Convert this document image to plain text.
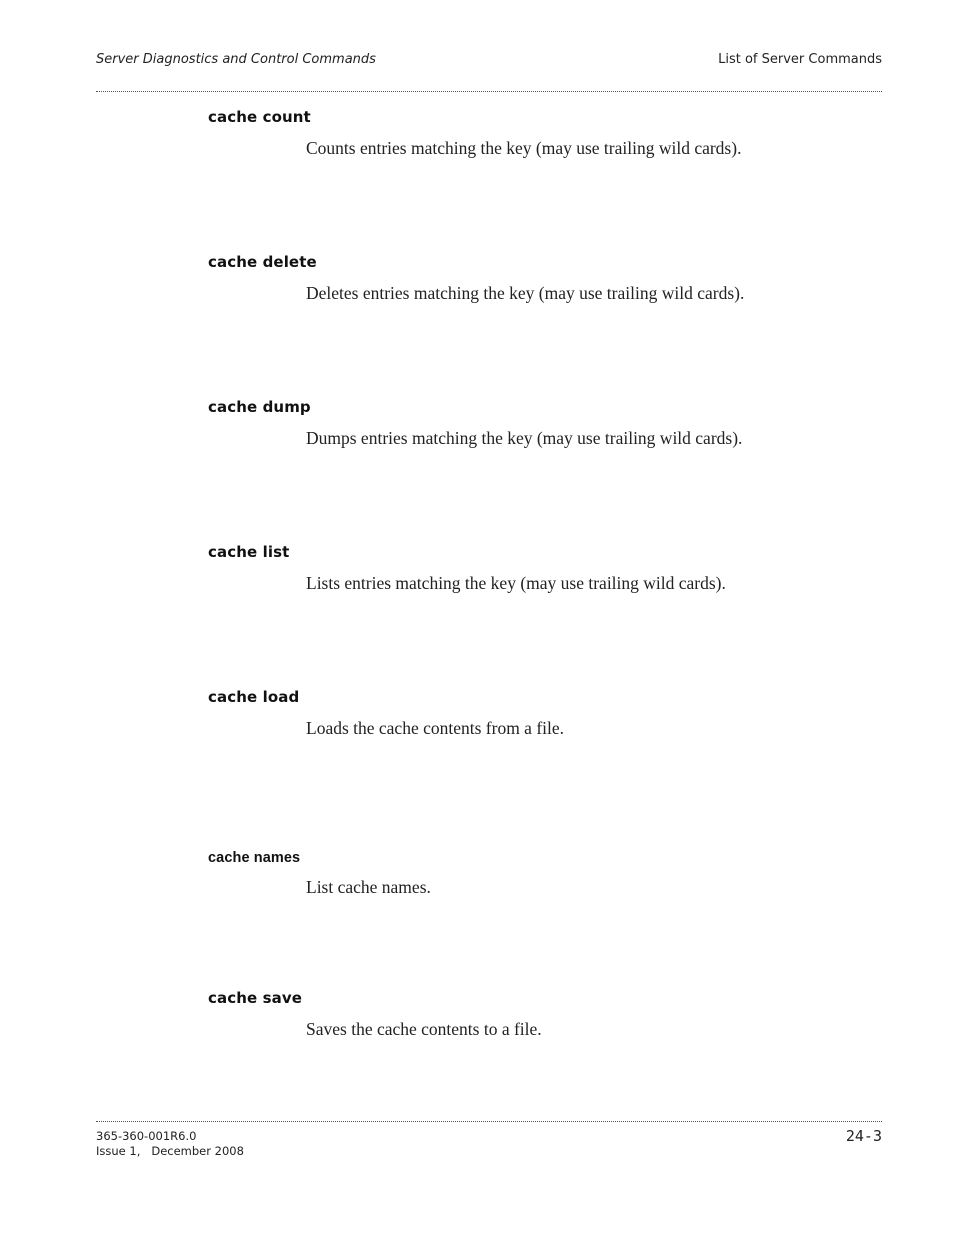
Server Diagnostics and Control Commands	List of Server Commands
cache count
Counts entries matching the key (may use trailing wild cards).
cache delete
Deletes entries matching the key (may use trailing wild cards).
cache dump
Dumps entries matching the key (may use trailing wild cards).
cache list
Lists entries matching the key (may use trailing wild cards).
cache load
Loads the cache contents from a file.
cache names
List cache names.
cache save
Saves the cache contents to a file.
365-360-001R6.0
Issue 1,   December 2008
24-3
